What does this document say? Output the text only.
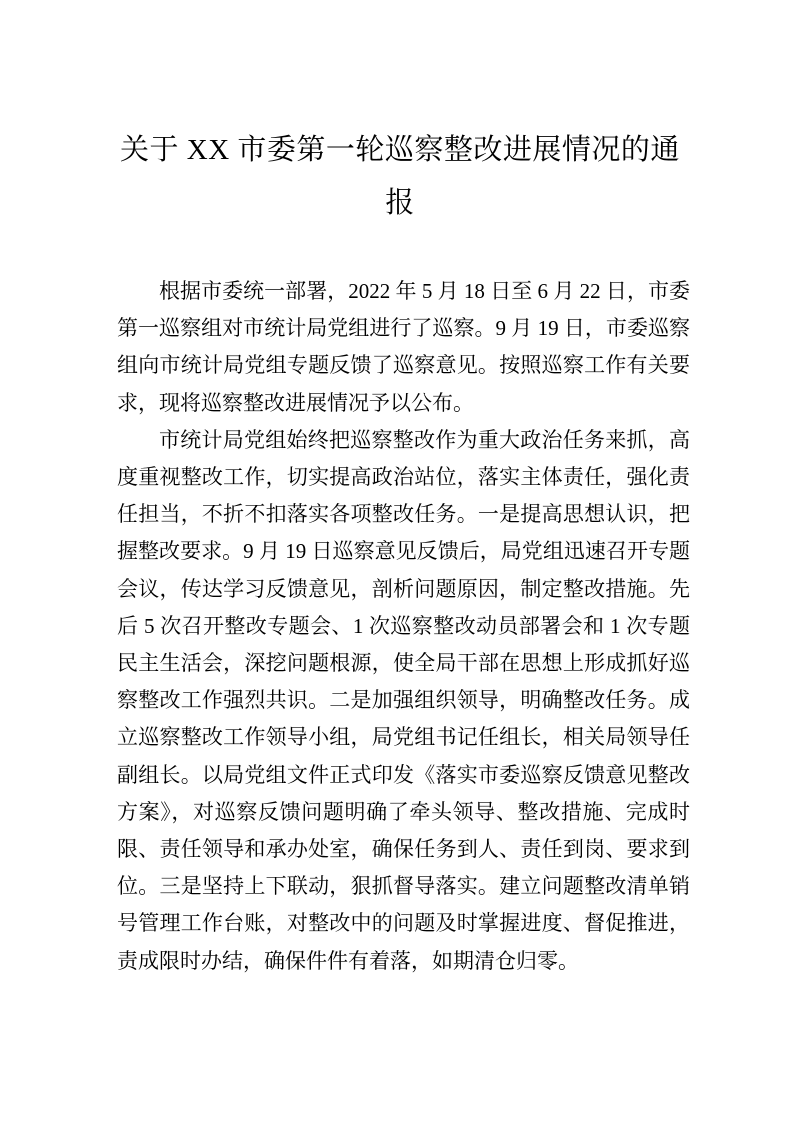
关于 XX 市委第一轮巡察整改进展情况的通报

根据市委统一部署，2022 年 5 月 18 日至 6 月 22 日，市委第一巡察组对市统计局党组进行了巡察。9 月 19 日，市委巡察组向市统计局党组专题反馈了巡察意见。按照巡察工作有关要求，现将巡察整改进展情况予以公布。

市统计局党组始终把巡察整改作为重大政治任务来抓，高度重视整改工作，切实提高政治站位，落实主体责任，强化责任担当，不折不扣落实各项整改任务。一是提高思想认识，把握整改要求。9 月 19 日巡察意见反馈后，局党组迅速召开专题会议，传达学习反馈意见，剖析问题原因，制定整改措施。先后 5 次召开整改专题会、1 次巡察整改动员部署会和 1 次专题民主生活会，深挖问题根源，使全局干部在思想上形成抓好巡察整改工作强烈共识。二是加强组织领导，明确整改任务。成立巡察整改工作领导小组，局党组书记任组长，相关局领导任副组长。以局党组文件正式印发《落实市委巡察反馈意见整改方案》，对巡察反馈问题明确了牵头领导、整改措施、完成时限、责任领导和承办处室，确保任务到人、责任到岗、要求到位。三是坚持上下联动，狠抓督导落实。建立问题整改清单销号管理工作台账，对整改中的问题及时掌握进度、督促推进，责成限时办结，确保件件有着落，如期清仓归零。
